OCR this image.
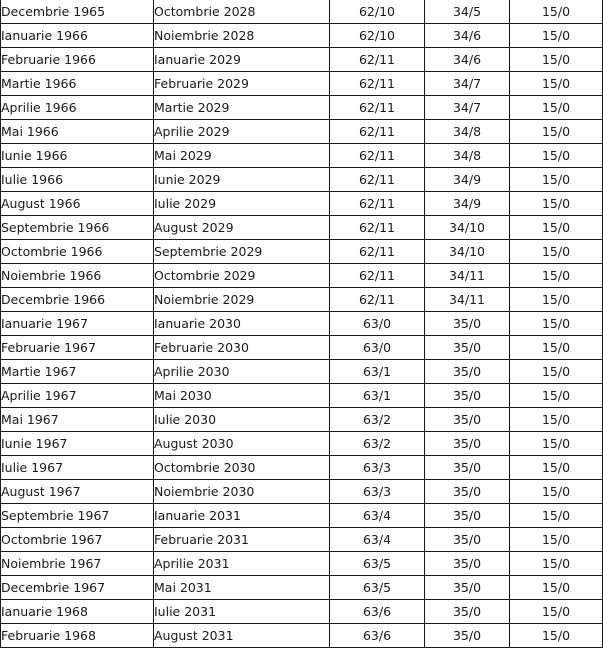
Decembrie 1965	Octombrie 2028	62/10	34/5	15/0
Ianuarie 1966	Noiembrie 2028	62/10	34/6	15/0
Februarie 1966	Ianuarie 2029	62/11	34/6	15/0
Martie 1966	Februarie 2029	62/11	34/7	15/0
Aprilie 1966	Martie 2029	62/11	34/7	15/0
Mai 1966	Aprilie 2029	62/11	34/8	15/0
Iunie 1966	Mai 2029	62/11	34/8	15/0
Iulie 1966	Iunie 2029	62/11	34/9	15/0
August 1966	Iulie 2029	62/11	34/9	15/0
Septembrie 1966	August 2029	62/11	34/10	15/0
Octombrie 1966	Septembrie 2029	62/11	34/10	15/0
Noiembrie 1966	Octombrie 2029	62/11	34/11	15/0
Decembrie 1966	Noiembrie 2029	62/11	34/11	15/0
Ianuarie 1967	Ianuarie 2030	63/0	35/0	15/0
Februarie 1967	Februarie 2030	63/0	35/0	15/0
Martie 1967	Aprilie 2030	63/1	35/0	15/0
Aprilie 1967	Mai 2030	63/1	35/0	15/0
Mai 1967	Iulie 2030	63/2	35/0	15/0
Iunie 1967	August 2030	63/2	35/0	15/0
Iulie 1967	Octombrie 2030	63/3	35/0	15/0
August 1967	Noiembrie 2030	63/3	35/0	15/0
Septembrie 1967	Ianuarie 2031	63/4	35/0	15/0
Octombrie 1967	Februarie 2031	63/4	35/0	15/0
Noiembrie 1967	Aprilie 2031	63/5	35/0	15/0
Decembrie 1967	Mai 2031	63/5	35/0	15/0
Ianuarie 1968	Iulie 2031	63/6	35/0	15/0
Februarie 1968	August 2031	63/6	35/0	15/0
